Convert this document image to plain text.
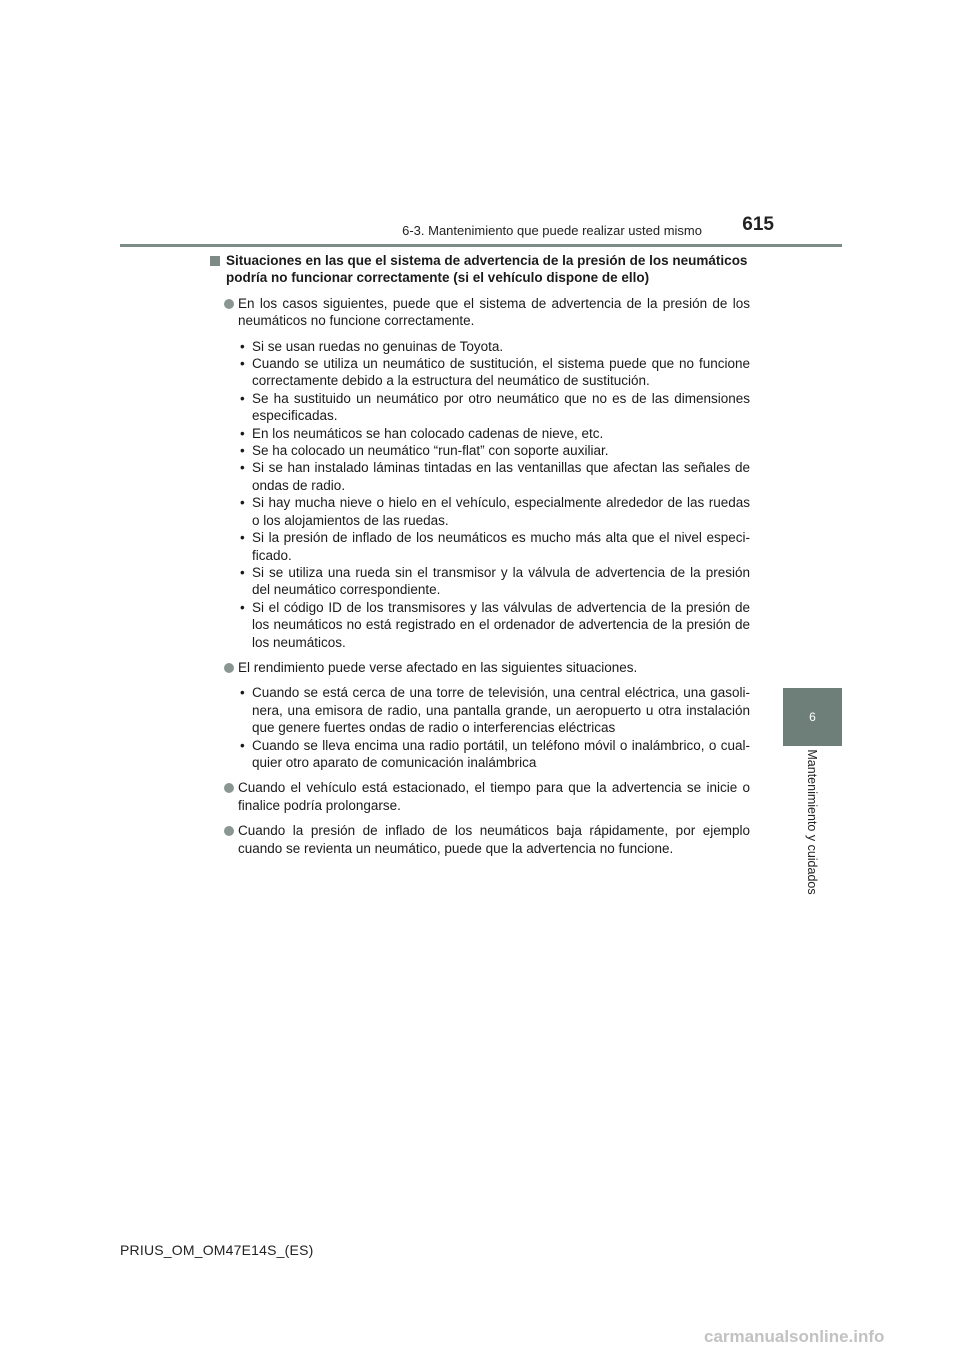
6-3. Mantenimiento que puede realizar usted mismo	615
6
Mantenimiento y cuidados
Situaciones en las que el sistema de advertencia de la presión de los neumáticos podría no funcionar correctamente (si el vehículo dispone de ello)
En los casos siguientes, puede que el sistema de advertencia de la presión de los neumáticos no funcione correctamente.
• Si se usan ruedas no genuinas de Toyota.
• Cuando se utiliza un neumático de sustitución, el sistema puede que no funcione correctamente debido a la estructura del neumático de sustitución.
• Se ha sustituido un neumático por otro neumático que no es de las dimensiones especificadas.
• En los neumáticos se han colocado cadenas de nieve, etc.
• Se ha colocado un neumático “run-flat” con soporte auxiliar.
• Si se han instalado láminas tintadas en las ventanillas que afectan las señales de ondas de radio.
• Si hay mucha nieve o hielo en el vehículo, especialmente alrededor de las ruedas o los alojamientos de las ruedas.
• Si la presión de inflado de los neumáticos es mucho más alta que el nivel especi-ficado.
• Si se utiliza una rueda sin el transmisor y la válvula de advertencia de la presión del neumático correspondiente.
• Si el código ID de los transmisores y las válvulas de advertencia de la presión de los neumáticos no está registrado en el ordenador de advertencia de la presión de los neumáticos.
El rendimiento puede verse afectado en las siguientes situaciones.
• Cuando se está cerca de una torre de televisión, una central eléctrica, una gasoli-nera, una emisora de radio, una pantalla grande, un aeropuerto u otra instalación que genere fuertes ondas de radio o interferencias eléctricas
• Cuando se lleva encima una radio portátil, un teléfono móvil o inalámbrico, o cual-quier otro aparato de comunicación inalámbrica
Cuando el vehículo está estacionado, el tiempo para que la advertencia se inicie o finalice podría prolongarse.
Cuando la presión de inflado de los neumáticos baja rápidamente, por ejemplo cuando se revienta un neumático, puede que la advertencia no funcione.
PRIUS_OM_OM47E14S_(ES)
carmanualsonline.info
